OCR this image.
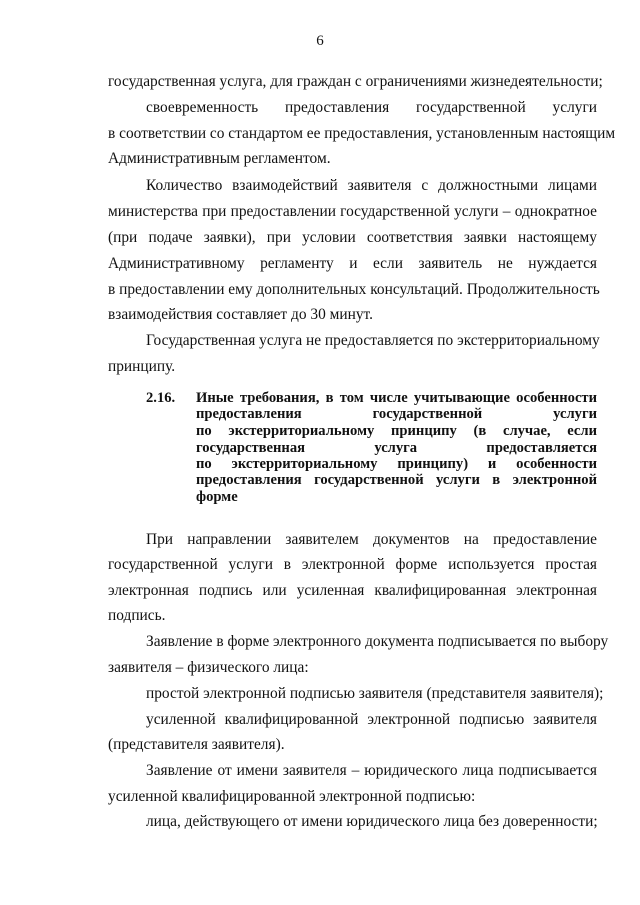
6
государственная услуга, для граждан с ограничениями жизнедеятельности;
своевременность предоставления государственной услуги
в соответствии со стандартом ее предоставления, установленным настоящим
Административным регламентом.
Количество взаимодействий заявителя с должностными лицами
министерства при предоставлении государственной услуги – однократное
(при подаче заявки), при условии соответствия заявки настоящему
Административному регламенту и если заявитель не нуждается
в предоставлении ему дополнительных консультаций. Продолжительность
взаимодействия составляет до 30 минут.
Государственная услуга не предоставляется по экстерриториальному
принципу.
2.16. Иные требования, в том числе учитывающие особенности
предоставления государственной услуги
по экстерриториальному принципу (в случае, если
государственная услуга предоставляется
по экстерриториальному принципу) и особенности
предоставления государственной услуги в электронной
форме
При направлении заявителем документов на предоставление
государственной услуги в электронной форме используется простая
электронная подпись или усиленная квалифицированная электронная
подпись.
Заявление в форме электронного документа подписывается по выбору
заявителя – физического лица:
простой электронной подписью заявителя (представителя заявителя);
усиленной квалифицированной электронной подписью заявителя
(представителя заявителя).
Заявление от имени заявителя – юридического лица подписывается
усиленной квалифицированной электронной подписью:
лица, действующего от имени юридического лица без доверенности;
